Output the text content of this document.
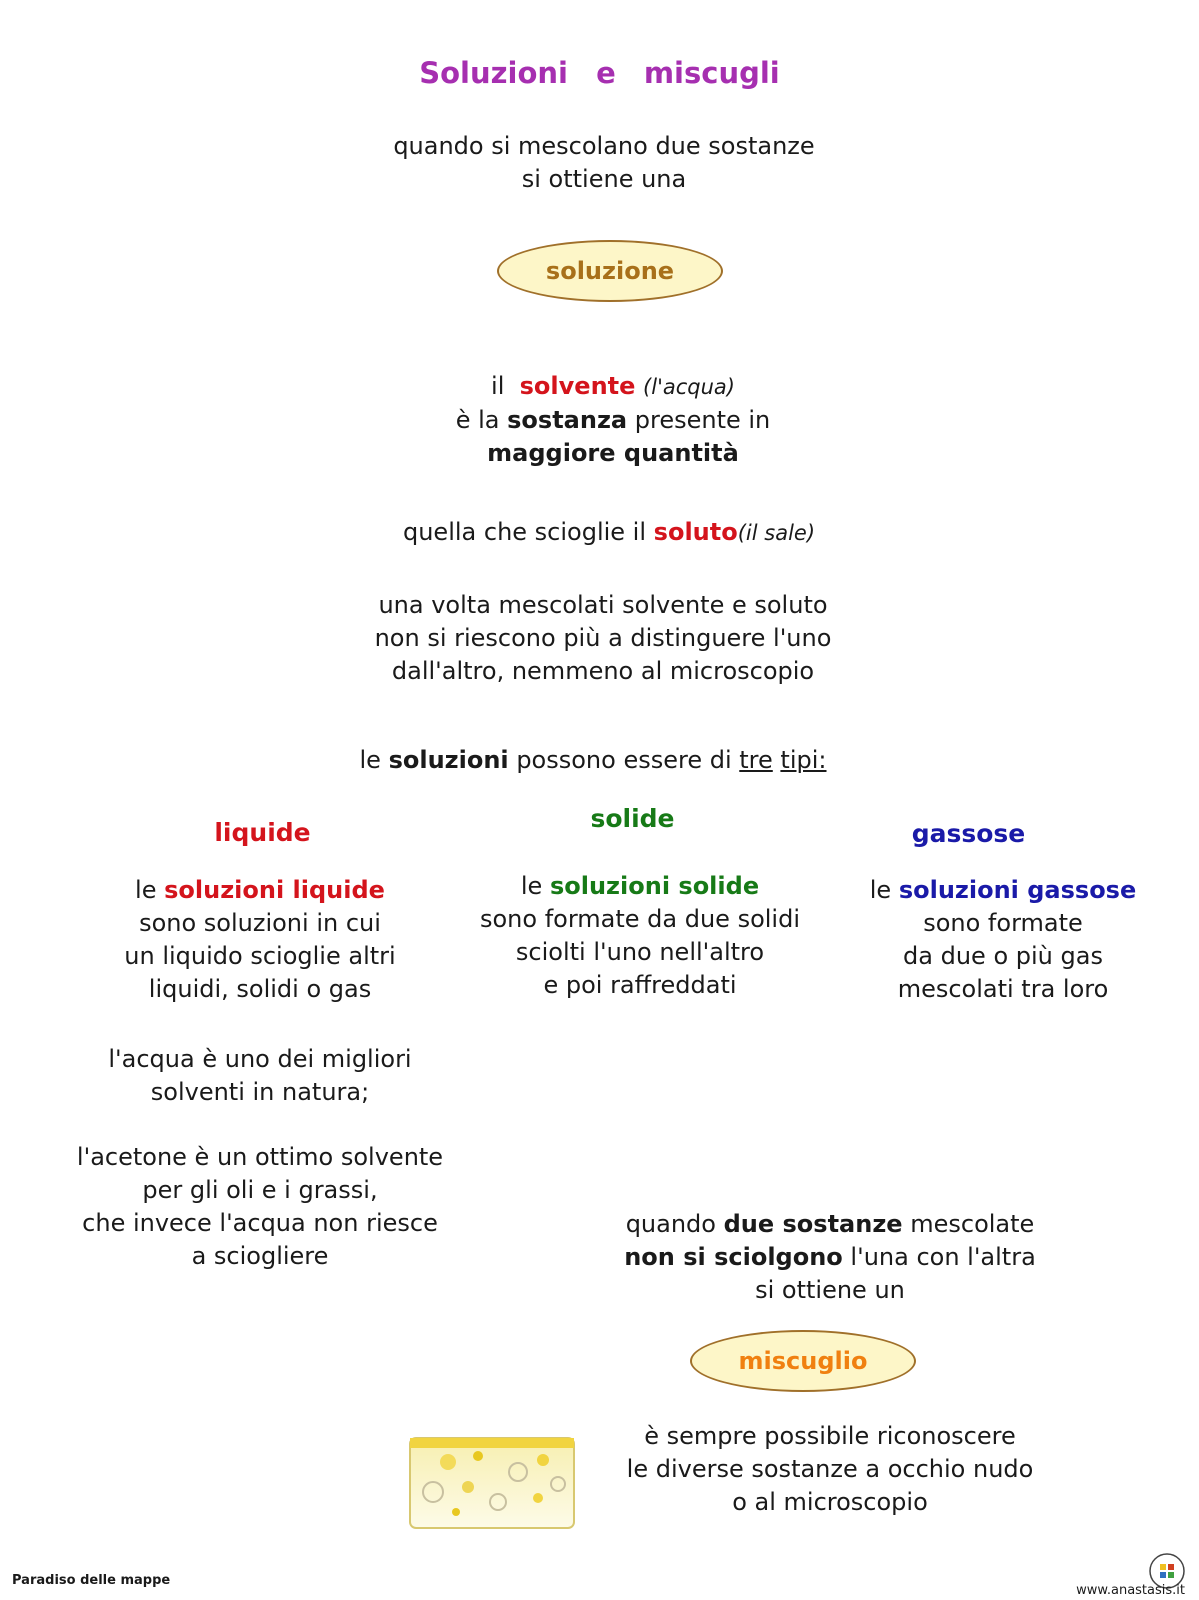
Soluzioni e miscugli
quando si mescolano due sostanze
si ottiene una
soluzione
il solvente (l'acqua)
è la sostanza presente in
maggiore quantità
quella che scioglie il soluto(il sale)
una volta mescolati solvente e soluto
non si riescono più a distinguere l'uno
dall'altro, nemmeno al microscopio
le soluzioni possono essere di tre tipi:
liquide	solide
gassose
le soluzioni liquide
sono soluzioni in cui
un liquido scioglie altri
liquidi, solidi o gas
l'acqua è uno dei migliori
solventi in natura;
l'acetone è un ottimo solvente
per gli oli e i grassi,
che invece l'acqua non riesce
a sciogliere
le soluzioni solide
sono formate da due solidi
sciolti l'uno nell'altro
e poi raffreddati
le soluzioni gassose
sono formate
da due o più gas
mescolati tra loro
quando due sostanze mescolate
non si sciolgono l'una con l'altra
si ottiene un
miscuglio
è sempre possibile riconoscere
le diverse sostanze a occhio nudo
o al microscopio
Paradiso delle mappe
www.anastasis.it
